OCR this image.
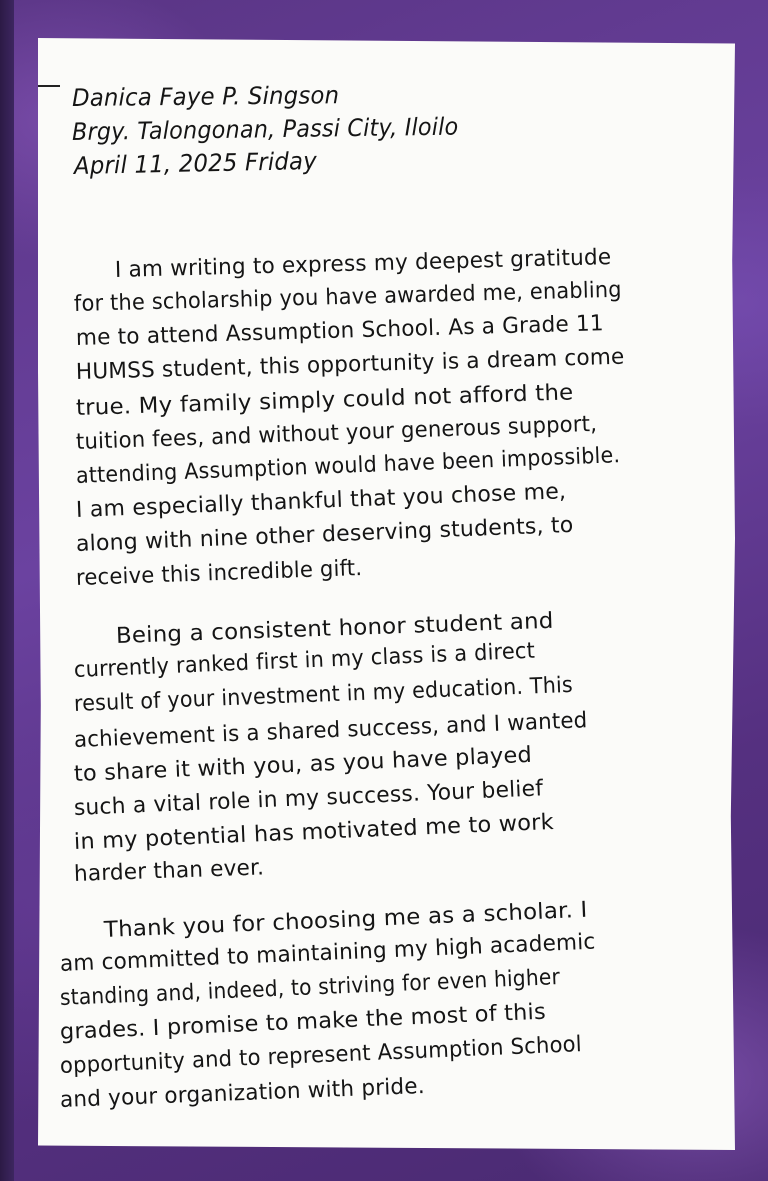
Danica Faye P. Singson

Brgy. Talongonan, Passi City, Iloilo

April 11, 2025 Friday

I am writing to express my deepest gratitude

for the scholarship you have awarded me, enabling

me to attend Assumption School. As a Grade 11

HUMSS student, this opportunity is a dream come

true. My family simply could not afford the

tuition fees, and without your generous support,

attending Assumption would have been impossible.

I am especially thankful that you chose me,

along with nine other deserving students, to

receive this incredible gift.

Being a consistent honor student and

currently ranked first in my class is a direct

result of your investment in my education. This

achievement is a shared success, and I wanted

to share it with you, as you have played

such a vital role in my success. Your belief

in my potential has motivated me to work

harder than ever.

Thank you for choosing me as a scholar. I

am committed to maintaining my high academic

standing and, indeed, to striving for even higher

grades. I promise to make the most of this

opportunity and to represent Assumption School

and your organization with pride.
